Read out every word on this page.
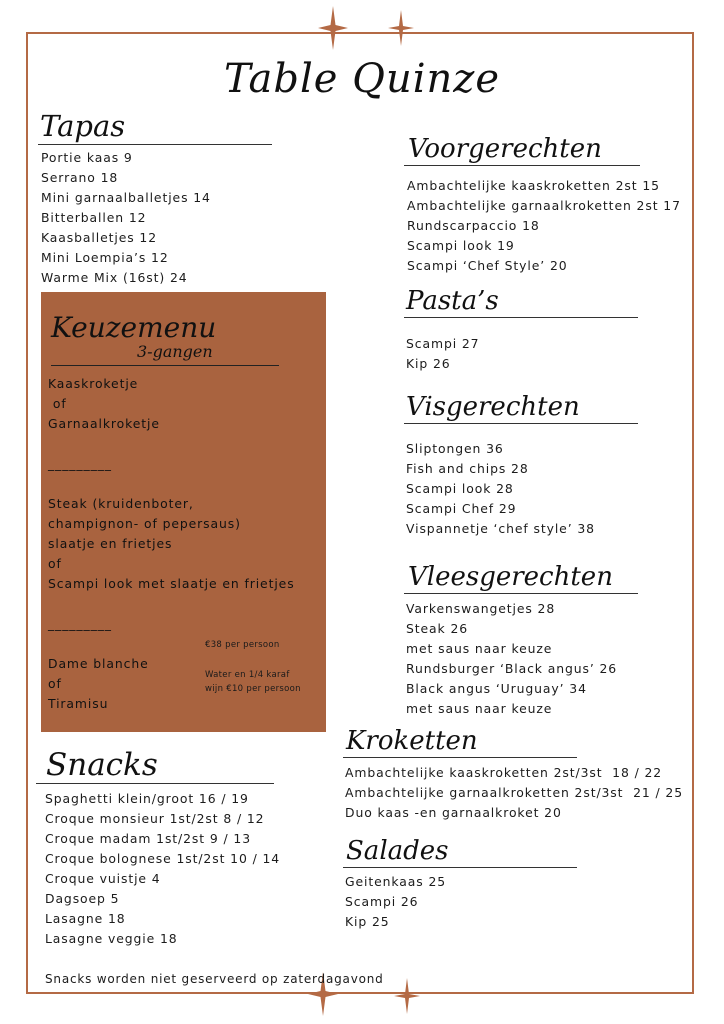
Table Quinze
Tapas
Portie kaas 9
Serrano 18
Mini garnaalballetjes 14
Bitterballen 12
Kaasballetjes 12
Mini Loempia’s 12
Warme Mix (16st) 24
Keuzemenu
3-gangen
Kaaskroketje
of
Garnaalkroketje
_________
Steak (kruidenboter,
champignon- of pepersaus)
slaatje en frietjes
of
Scampi look met slaatje en frietjes
_________
Dame blanche
of
Tiramisu
€38 per persoon
Water en 1/4 karaf
wijn €10 per persoon
Snacks
Spaghetti klein/groot 16 / 19
Croque monsieur 1st/2st 8 / 12
Croque madam 1st/2st 9 / 13
Croque bolognese 1st/2st 10 / 14
Croque vuistje 4
Dagsoep 5
Lasagne 18
Lasagne veggie 18
Voorgerechten
Ambachtelijke kaaskroketten 2st 15
Ambachtelijke garnaalkroketten 2st 17
Rundscarpaccio 18
Scampi look 19
Scampi ‘Chef Style’ 20
Pasta’s
Scampi 27
Kip 26
Visgerechten
Sliptongen 36
Fish and chips 28
Scampi look 28
Scampi Chef 29
Vispannetje ‘chef style’ 38
Vleesgerechten
Varkenswangetjes 28
Steak 26
met saus naar keuze
Rundsburger ‘Black angus’ 26
Black angus ‘Uruguay’ 34
met saus naar keuze
Kroketten
Ambachtelijke kaaskroketten 2st/3st  18 / 22
Ambachtelijke garnaalkroketten 2st/3st  21 / 25
Duo kaas -en garnaalkroket 20
Salades
Geitenkaas 25
Scampi 26
Kip 25
Snacks worden niet geserveerd op zaterdagavond
